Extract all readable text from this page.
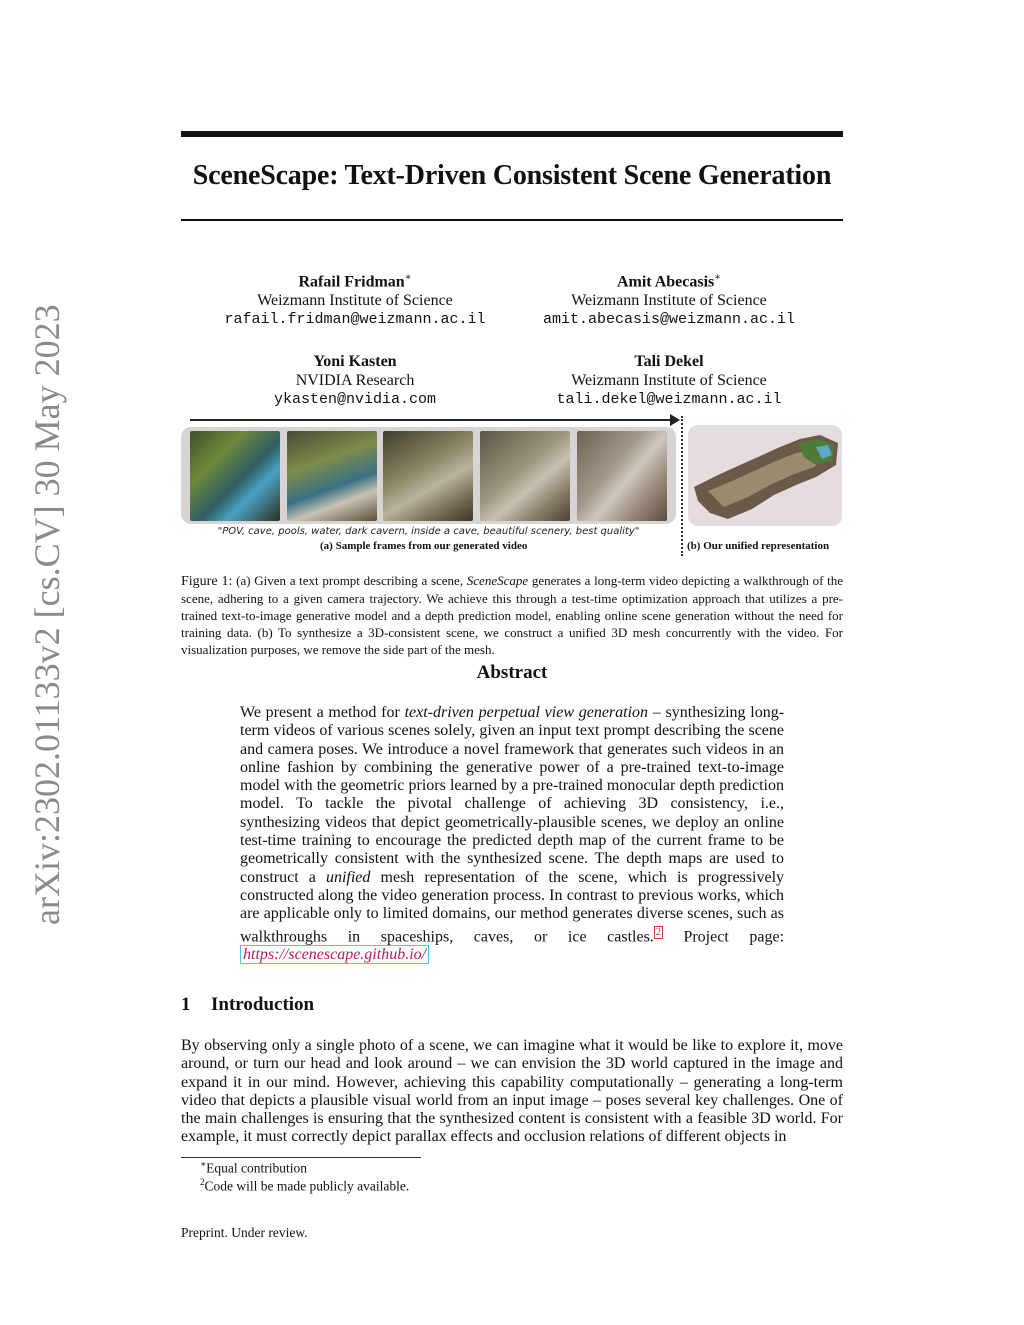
arXiv:2302.01133v2 [cs.CV] 30 May 2023
SceneScape: Text-Driven Consistent Scene Generation
Rafail Fridman∗
Weizmann Institute of Science
rafail.fridman@weizmann.ac.il
Amit Abecasis∗
Weizmann Institute of Science
amit.abecasis@weizmann.ac.il
Yoni Kasten
NVIDIA Research
ykasten@nvidia.com
Tali Dekel
Weizmann Institute of Science
tali.dekel@weizmann.ac.il
"POV, cave, pools, water, dark cavern, inside a cave, beautiful scenery, best quality"
(a) Sample frames from our generated video	(b) Our unified representation
Figure 1: (a) Given a text prompt describing a scene, SceneScape generates a long-term video depicting a walkthrough of the scene, adhering to a given camera trajectory. We achieve this through a test-time optimization approach that utilizes a pre-trained text-to-image generative model and a depth prediction model, enabling online scene generation without the need for training data. (b) To synthesize a 3D-consistent scene, we construct a unified 3D mesh concurrently with the video. For visualization purposes, we remove the side part of the mesh.
Abstract
We present a method for text-driven perpetual view generation – synthesizing long-term videos of various scenes solely, given an input text prompt describing the scene and camera poses. We introduce a novel framework that generates such videos in an online fashion by combining the generative power of a pre-trained text-to-image model with the geometric priors learned by a pre-trained monocular depth prediction model. To tackle the pivotal challenge of achieving 3D consistency, i.e., synthesizing videos that depict geometrically-plausible scenes, we deploy an online test-time training to encourage the predicted depth map of the current frame to be geometrically consistent with the synthesized scene. The depth maps are used to construct a unified mesh representation of the scene, which is progressively constructed along the video generation process. In contrast to previous works, which are applicable only to limited domains, our method generates diverse scenes, such as walkthroughs in spaceships, caves, or ice castles. $^2$ Project page: https://scenescape.github.io/
1 Introduction
By observing only a single photo of a scene, we can imagine what it would be like to explore it, move around, or turn our head and look around – we can envision the 3D world captured in the image and expand it in our mind. However, achieving this capability computationally – generating a long-term video that depicts a plausible visual world from an input image – poses several key challenges. One of the main challenges is ensuring that the synthesized content is consistent with a feasible 3D world. For example, it must correctly depict parallax effects and occlusion relations of different objects in
∗Equal contribution
$^2$Code will be made publicly available.
Preprint. Under review.
